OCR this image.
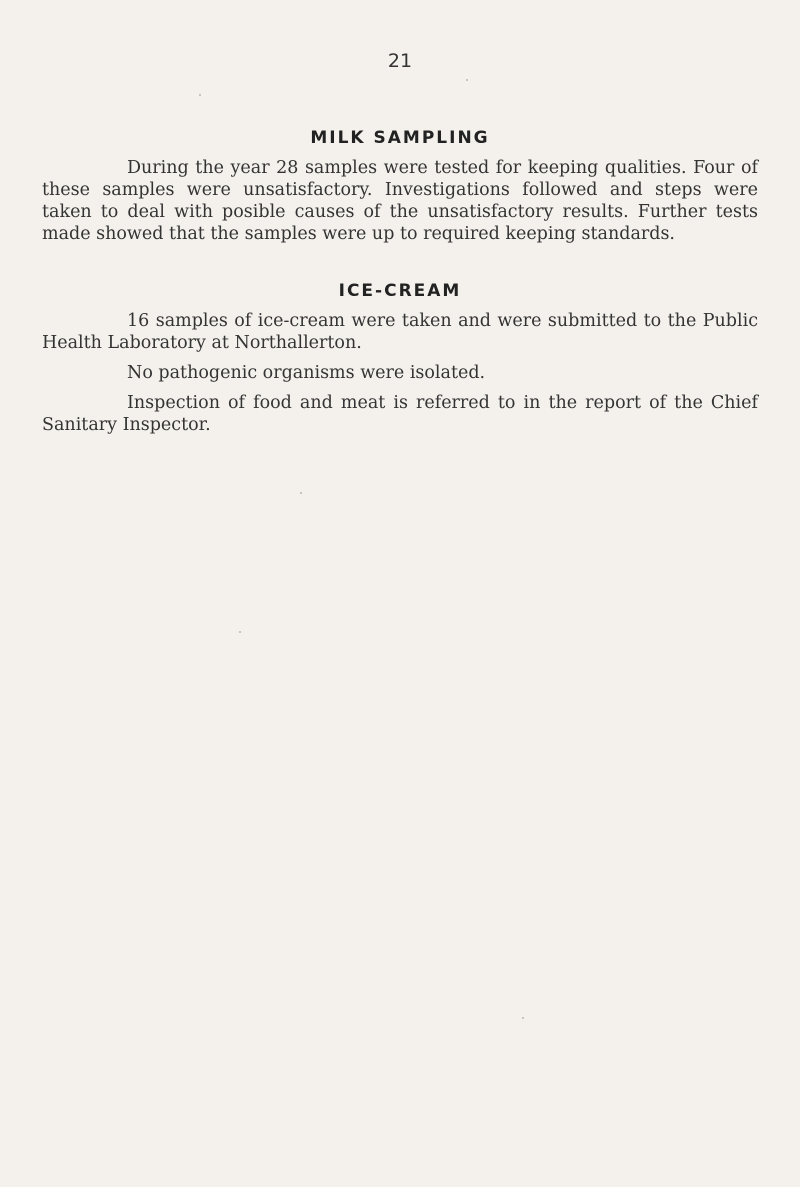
21
MILK SAMPLING

During the year 28 samples were tested for keeping qualities. Four of these samples were unsatisfactory. Investigations followed and steps were taken to deal with posible causes of the unsatisfactory results. Further tests made showed that the samples were up to required keeping standards.

ICE-CREAM

16 samples of ice-cream were taken and were submitted to the Public Health Laboratory at Northallerton.

No pathogenic organisms were isolated.

Inspection of food and meat is referred to in the report of the Chief Sanitary Inspector.
